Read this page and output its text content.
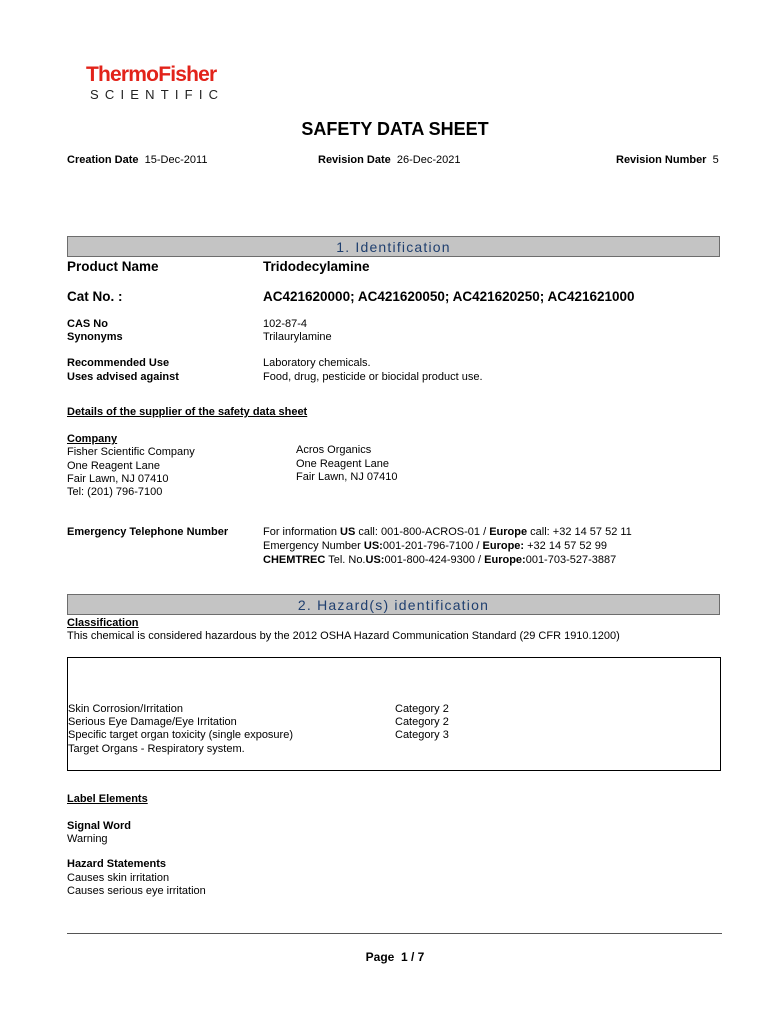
ThermoFisher
SCIENTIFIC
SAFETY DATA SHEET
Creation Date 15-Dec-2011	Revision Date 26-Dec-2021	Revision Number 5
1. Identification
Product Name	Tridodecylamine
Cat No. :	AC421620000; AC421620050; AC421620250; AC421621000
CAS No	102-87-4
Synonyms	Trilaurylamine
Recommended Use	Laboratory chemicals.
Uses advised against	Food, drug, pesticide or biocidal product use.
Details of the supplier of the safety data sheet
Company
Fisher Scientific Company
One Reagent Lane
Fair Lawn, NJ 07410
Tel: (201) 796-7100
Acros Organics
One Reagent Lane
Fair Lawn, NJ 07410
Emergency Telephone Number	For information US call: 001-800-ACROS-01 / Europe call: +32 14 57 52 11
Emergency Number US:001-201-796-7100 / Europe: +32 14 57 52 99
CHEMTREC Tel. No.US:001-800-424-9300 / Europe:001-703-527-3887
2. Hazard(s) identification
Classification
This chemical is considered hazardous by the 2012 OSHA Hazard Communication Standard (29 CFR 1910.1200)
Skin Corrosion/Irritation	Category 2
Serious Eye Damage/Eye Irritation	Category 2
Specific target organ toxicity (single exposure)	Category 3
Target Organs - Respiratory system.
Label Elements
Signal Word
Warning
Hazard Statements
Causes skin irritation
Causes serious eye irritation
Page 1 / 7
